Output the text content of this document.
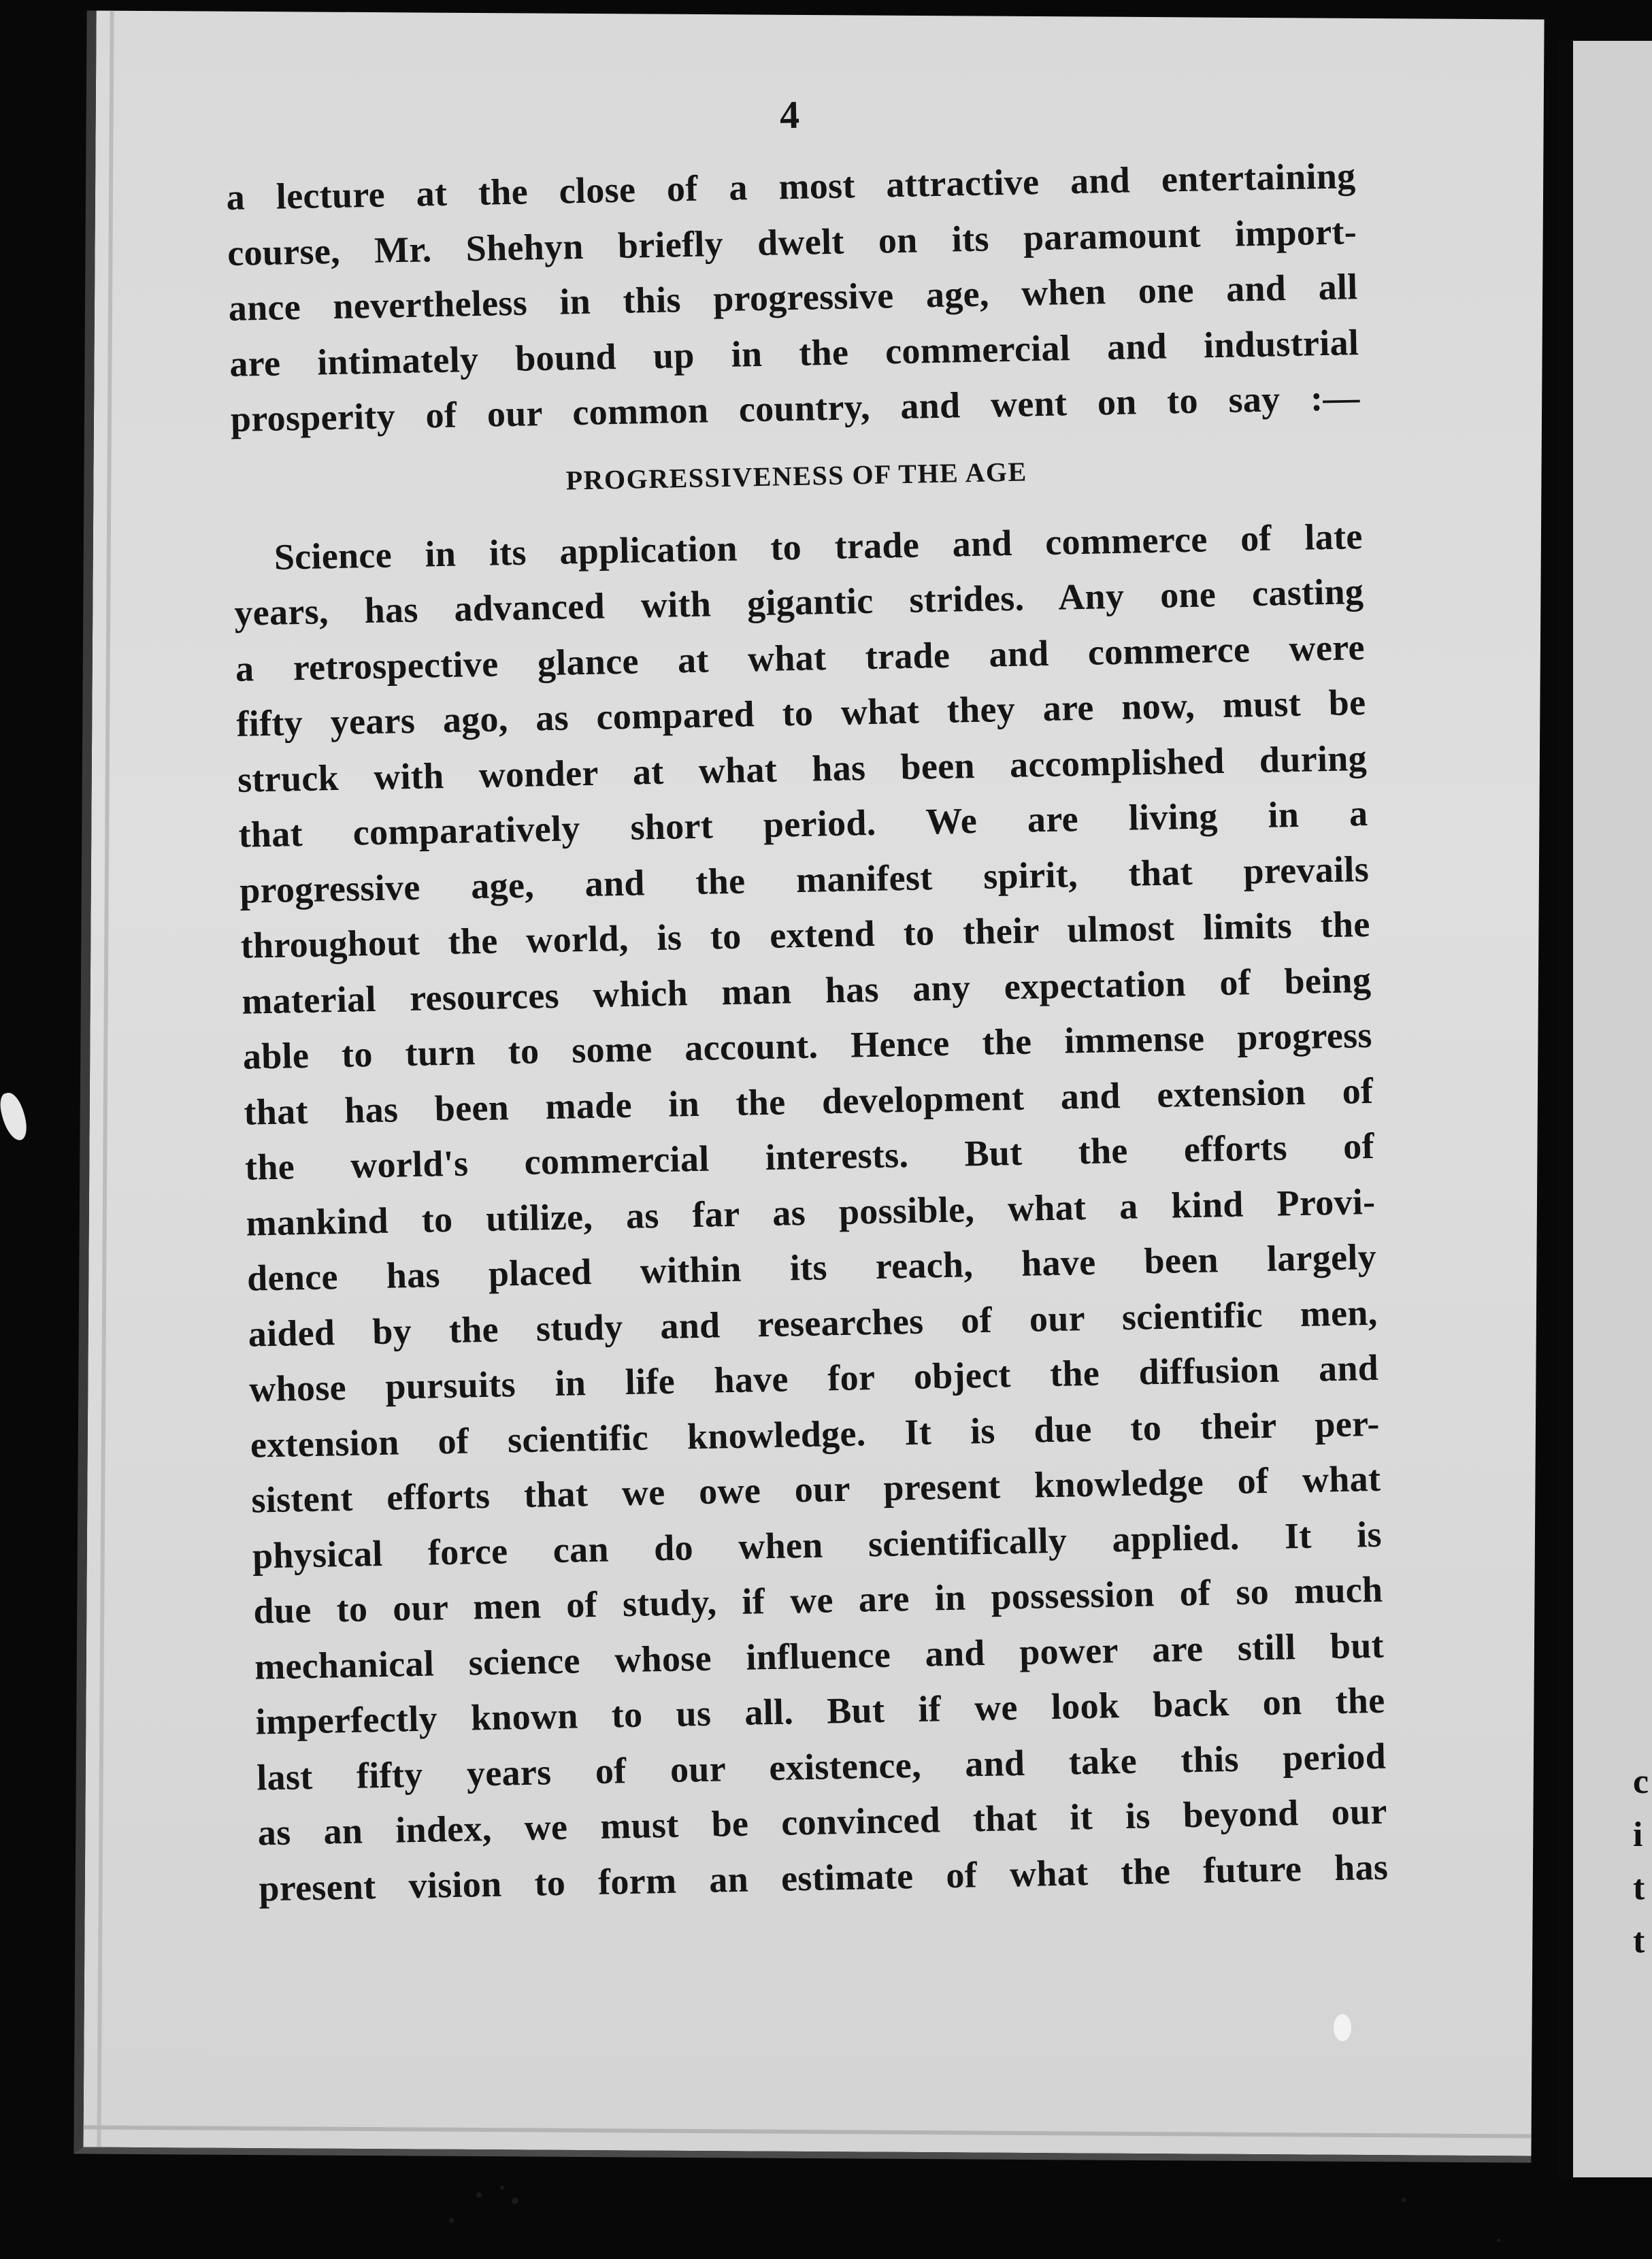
c
i
t
t
4
a lecture at the close of a most attractive and entertaining
course, Mr. Shehyn briefly dwelt on its paramount import-
ance nevertheless in this progressive age, when one and all
are intimately bound up in the commercial and industrial
prosperity of our common country, and went on to say :—
PROGRESSIVENESS OF THE AGE
Science in its application to trade and commerce of late
years, has advanced with gigantic strides. Any one casting
a retrospective glance at what trade and commerce were
fifty years ago, as compared to what they are now, must be
struck with wonder at what has been accomplished during
that comparatively short period. We are living in a
progressive age, and the manifest spirit, that prevails
throughout the world, is to extend to their ulmost limits the
material resources which man has any expectation of being
able to turn to some account. Hence the immense progress
that has been made in the development and extension of
the world's commercial interests. But the efforts of
mankind to utilize, as far as possible, what a kind Provi-
dence has placed within its reach, have been largely
aided by the study and researches of our scientific men,
whose pursuits in life have for object the diffusion and
extension of scientific knowledge. It is due to their per-
sistent efforts that we owe our present knowledge of what
physical force can do when scientifically applied. It is
due to our men of study, if we are in possession of so much
mechanical science whose influence and power are still but
imperfectly known to us all. But if we look back on the
last fifty years of our existence, and take this period
as an index, we must be convinced that it is beyond our
present vision to form an estimate of what the future has
